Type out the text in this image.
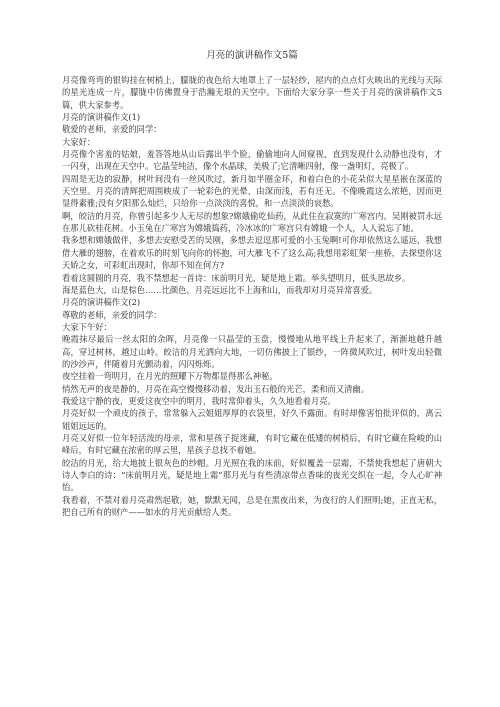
月亮的演讲稿作文5篇

月亮像弯弯的银钩挂在树梢上，朦胧的夜色给大地罩上了一层轻纱，屋内的点点灯火映出的光线与天际的星光连成一片，朦胧中仿佛置身于浩瀚无垠的天空中。下面给大家分享一些关于月亮的演讲稿作文5篇，供大家参考。

月亮的演讲稿作文(1)

敬爱的老师，亲爱的同学：

大家好：

月亮像个害羞的姑娘，羞答答地从山后露出半个脸，偷偷地向人间窥视，直到发现什么动静也没有，才一闪身，出现在天空中。它晶莹纯洁，像个水晶球，美极了;它清晰四射，像一盏明灯，亮极了。

四周是无边的寂静，树叶间没有一丝风吹过，新月如半圈金环，和着白色的小花朵似大星星嵌在深蓝的天空里。月亮的清辉把周围映成了一轮彩色的光晕，由深而浅，若有还无。不像晚霞这么浓艳，因而更显得素雅;没有夕阳那么灿烂，只给你一点淡淡的喜悦，和一点淡淡的哀愁。

啊，皎洁的月亮，你曾引起多少人无尽的想象?嫦娥偷吃仙药，从此住在寂寞的广寒宫内。吴刚被罚永远在那儿砍桂花树。小玉兔在广寒宫为嫦娥捣药，冷冰冰的广寒宫只有嫦娥一个人，人人说忘了她。

我多想和嫦娥做伴，多想去安慰受苦的吴刚，多想去逗逗那可爱的小玉兔啊!可你却依然这么遥远，我想借大雁的翅膀，在着欢乐的时刻飞向你的怀抱，可大雁飞不了这么高;我想用彩虹架一座桥，去探望你这天娇之女，可彩虹出现时，你却不知在何方?

看着这圆圆的月亮，我不禁想起一首诗：床前明月光，疑是地上霜。举头望明月，低头思故乡。

海是蓝色大，山是棕色……比颜色，月亮远远比不上海和山，而我却对月亮异常喜爱。

月亮的演讲稿作文(2)

尊敬的老师，亲爱的同学：

大家下午好：

晚霞抹尽最后一丝太阳的余晖，月亮像一只晶莹的玉盘，慢慢地从地平线上升起来了，渐渐地越升越高，穿过树林，越过山岭。皎洁的月光洒向大地，一切仿佛披上了银纱，一阵微风吹过，树叶发出轻微的沙沙声，伴随着月光颤动着，闪闪烁烁。

夜空挂着一弯明月，在月光的照耀下万物都显得那么神秘。

悄然无声的夜是静的，月亮在高空慢慢移动着，发出玉石般的光芒，柔和而又清幽。

我爱这宁静的夜，更爱这夜空中的明月，我时常仰着头，久久地看着月亮。

月亮好似一个顽皮的孩子，常常躲入云姐姐厚厚的衣袋里，好久不露面。有时却像害怕批评似的，离云姐姐远远的。

月亮又好似一位年轻活泼的母亲，常和星孩子捉迷藏，有时它藏在低矮的树梢后，有时它藏在险峻的山峰后，有时它藏在浓密的厚云里，星孩子总找不着她。

皎洁的月光，给大地披上银灰色的纱帽。月光照在我的床前，好似覆盖一层霜，不禁使我想起了唐朝大诗人李白的诗：“床前明月光，疑是地上霜”那月光与有些清凉带点香味的夜光交织在一起，令人心旷神怡。

我看着，不禁对着月亮肃然起敬，她，默默无闻，总是在黑夜出来，为夜行的人们照明;她，正直无私，把自己所有的财产——如水的月光贡献给人类。
